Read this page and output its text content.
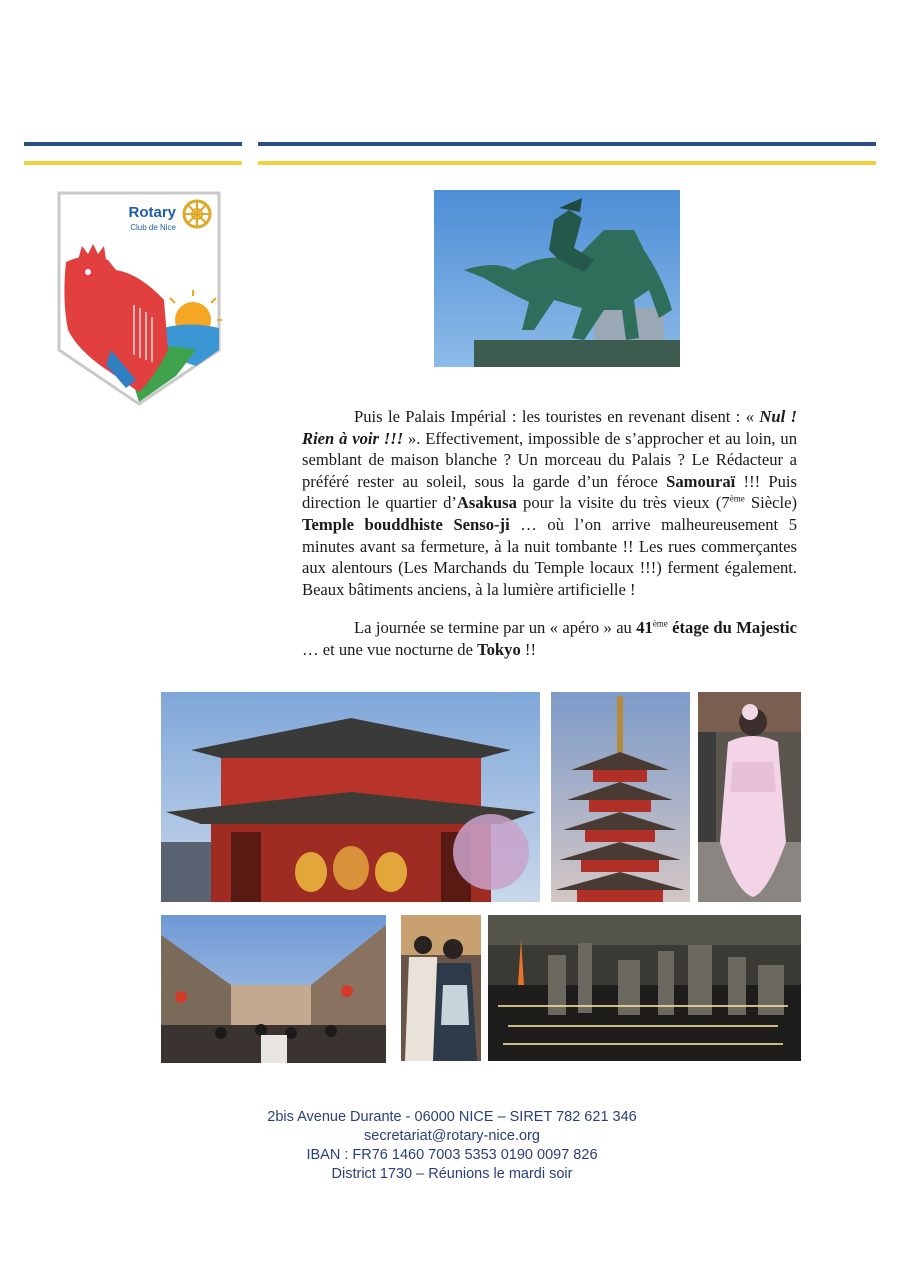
Rotary
Club de Nice

Puis le Palais Impérial : les touristes en revenant disent : « Nul ! Rien à voir !!! ». Effectivement, impossible de s’approcher et au loin, un semblant de maison blanche ? Un morceau du Palais ? Le Rédacteur a préféré rester au soleil, sous la garde d’un féroce Samouraï !!! Puis direction le quartier d’Asakusa pour la visite du très vieux (7ème Siècle) Temple bouddhiste Senso-ji … où l’on arrive malheureusement 5 minutes avant sa fermeture, à la nuit tombante !! Les rues commerçantes aux alentours (Les Marchands du Temple locaux !!!) ferment également. Beaux bâtiments anciens, à la lumière artificielle !

La journée se termine par un « apéro » au 41ème étage du Majestic … et une vue nocturne de Tokyo !!

2bis Avenue Durante - 06000 NICE – SIRET 782 621 346
secretariat@rotary-nice.org
IBAN : FR76 1460 7003 5353 0190 0097 826
District 1730 – Réunions le mardi soir
